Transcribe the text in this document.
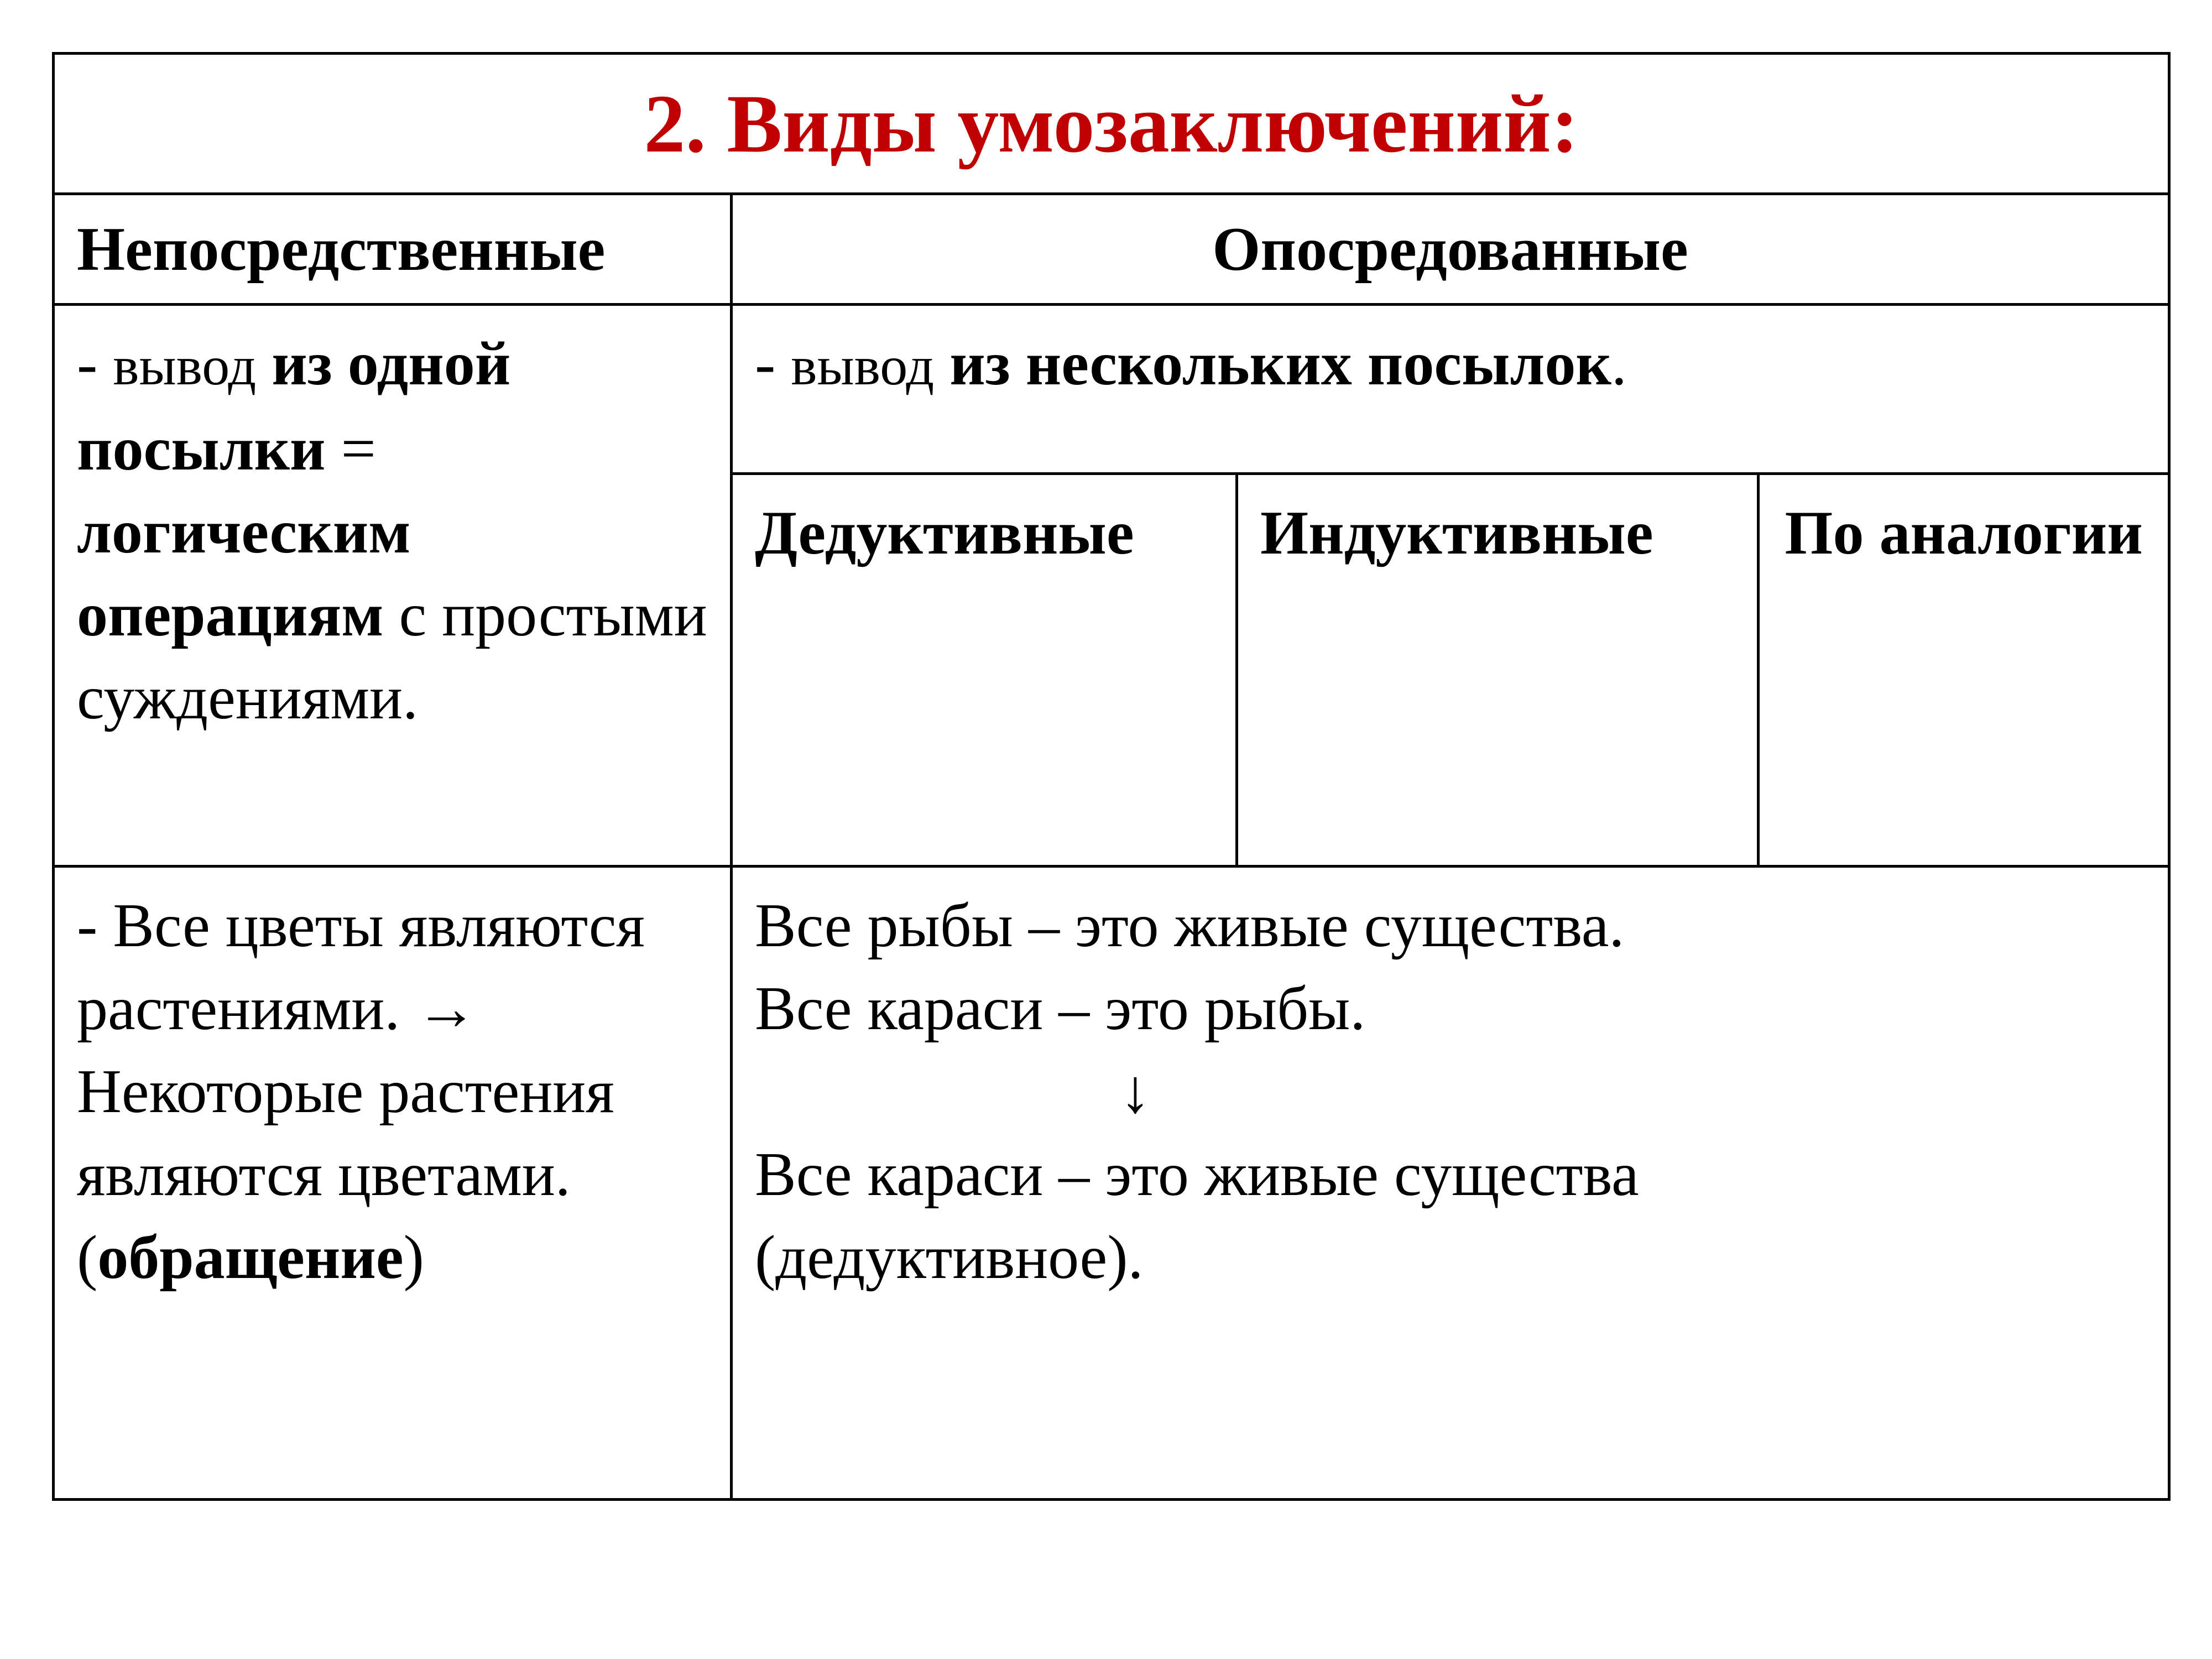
2. Виды умозаключений:			
Непосредственные	Опосредованные		
- вывод из одной посылки = логическим операциям с простыми суждениями.	- вывод из нескольких посылок.		
	Дедуктивные	Индуктивные	По аналогии
- Все цветы являются растениями. → Некоторые растения являются цветами. (обращение)	Все рыбы – это живые существа.
Все караси – это рыбы.
↓
Все караси – это живые существа
(дедуктивное).		
